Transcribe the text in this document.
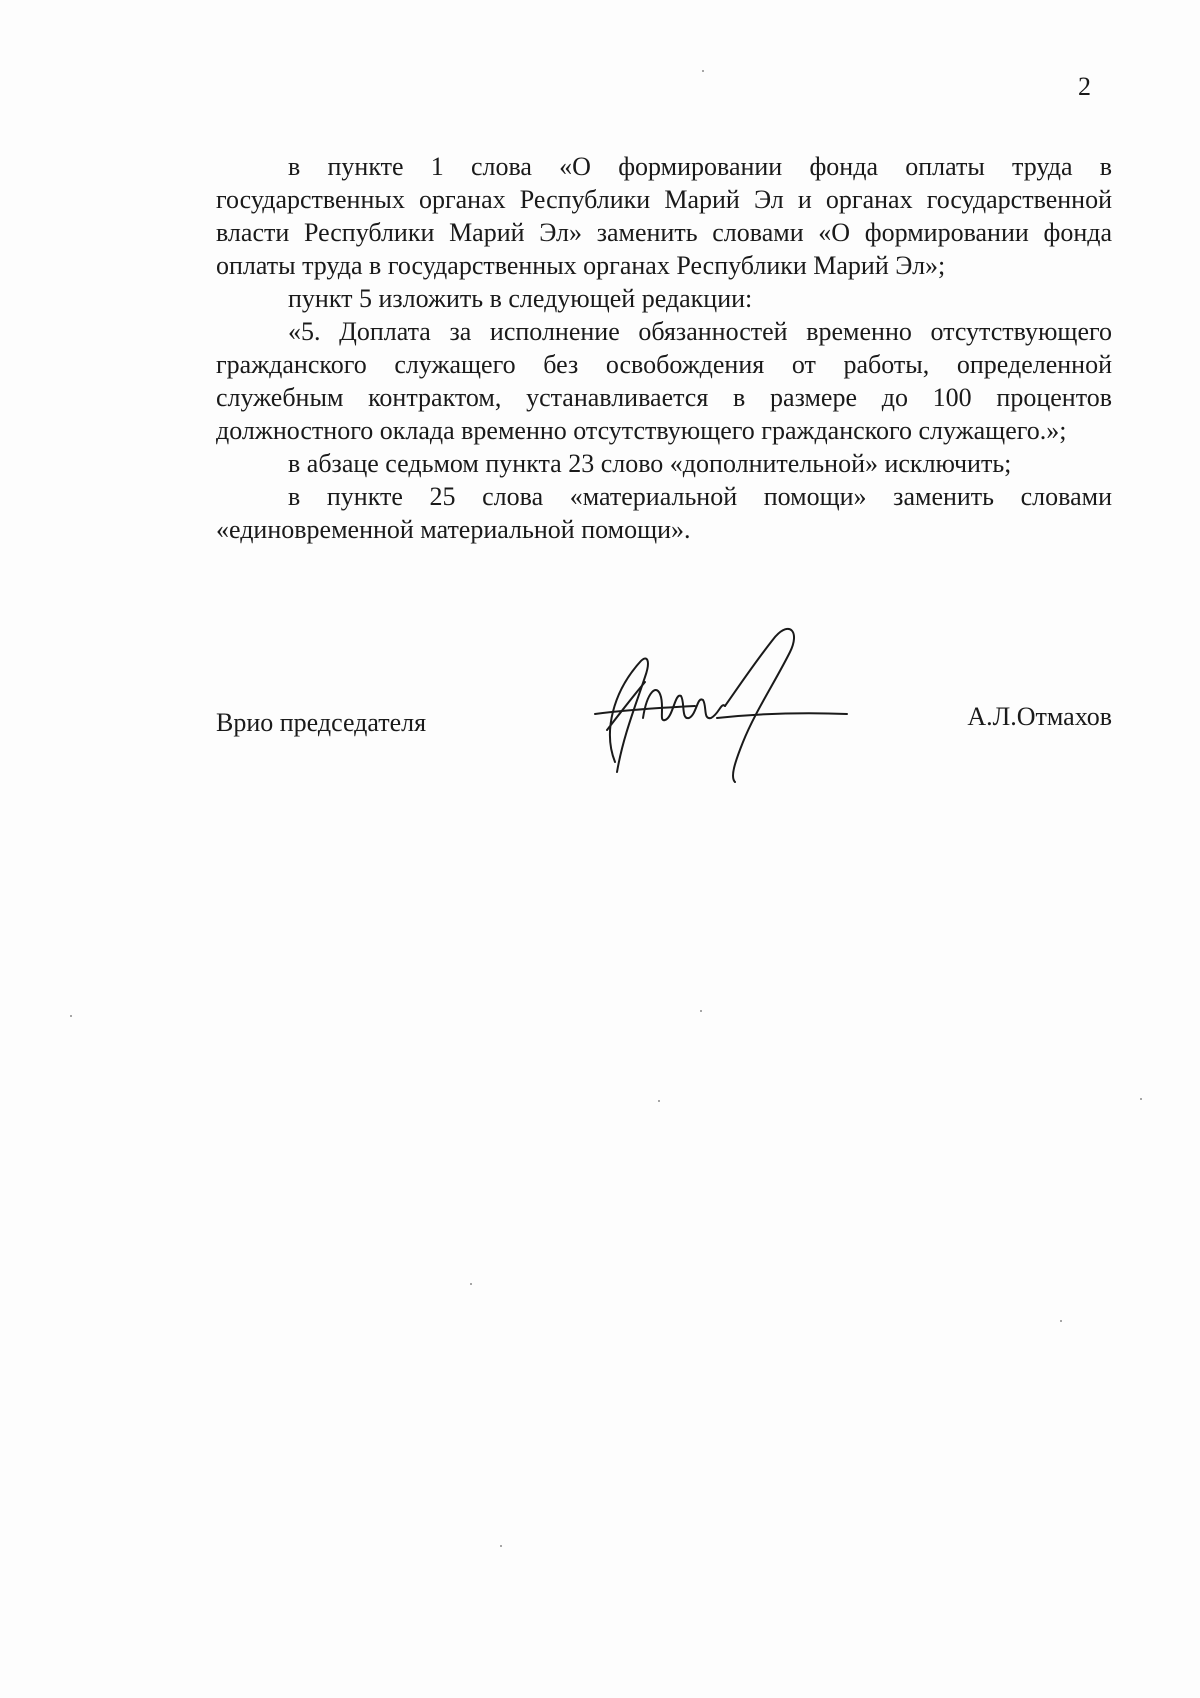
2

в пункте 1 слова «О формировании фонда оплаты труда в государственных органах Республики Марий Эл и органах государственной власти Республики Марий Эл» заменить словами «О формировании фонда оплаты труда в государственных органах Республики Марий Эл»;

пункт 5 изложить в следующей редакции:

«5. Доплата за исполнение обязанностей временно отсутствующего гражданского служащего без освобождения от работы, определенной служебным контрактом, устанавливается в размере до 100 процентов должностного оклада временно отсутствующего гражданского служащего.»;

в абзаце седьмом пункта 23 слово «дополнительной» исключить;

в пункте 25 слова «материальной помощи» заменить словами «единовременной материальной помощи».

Врио председателя	А.Л.Отмахов
